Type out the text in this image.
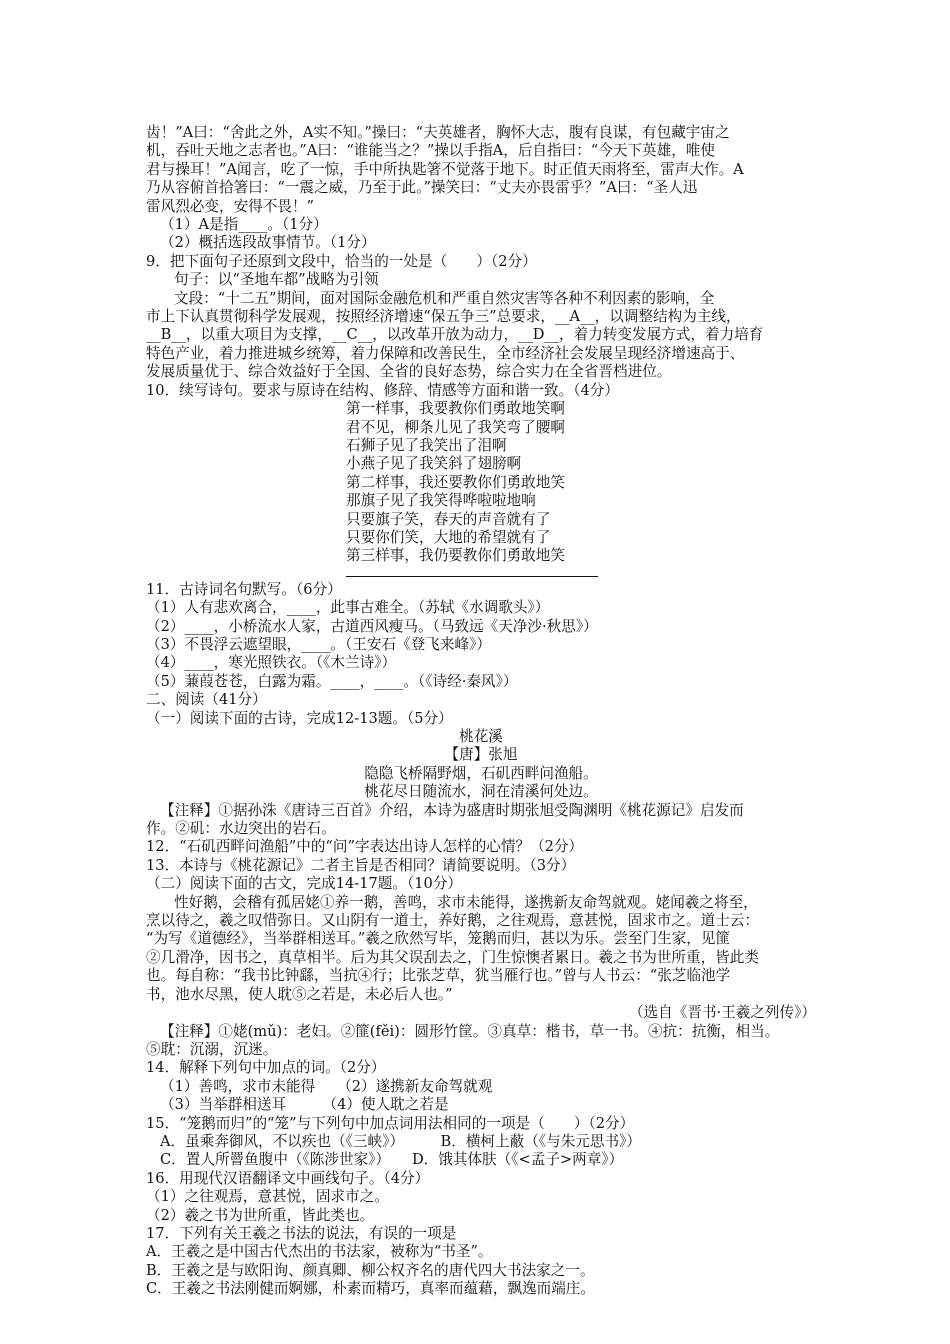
齿！”A曰：“舍此之外，A实不知。”操曰：“夫英雄者，胸怀大志，腹有良谋，有包藏宇宙之
机，吞吐天地之志者也。”A曰：“谁能当之？”操以手指A，后自指曰：“今天下英雄，唯使
君与操耳！”A闻言，吃了一惊，手中所执匙箸不觉落于地下。时正值天雨将至，雷声大作。A
乃从容俯首拾箸曰：“一震之威，乃至于此。”操笑曰：“丈夫亦畏雷乎？”A曰：“圣人迅
雷风烈必变，安得不畏！”
（1）A是指____。（1分）
（2）概括选段故事情节。（1分）
9．把下面句子还原到文段中，恰当的一处是（　　）（2分）
句子：以“圣地车都”战略为引领
文段：“十二五”期间，面对国际金融危机和严重自然灾害等各种不利因素的影响，全
市上下认真贯彻科学发展观，按照经济增速“保五争三”总要求，__A__，以调整结构为主线，
__B__，以重大项目为支撑，__C__，以改革开放为动力，__D__，着力转变发展方式，着力培育
特色产业，着力推进城乡统筹，着力保障和改善民生，全市经济社会发展呈现经济增速高于、
发展质量优于、综合效益好于全国、全省的良好态势，综合实力在全省晋档进位。
10．续写诗句。要求与原诗在结构、修辞、情感等方面和谐一致。（4分）
第一样事，我要教你们勇敢地笑啊
君不见，柳条儿见了我笑弯了腰啊
石狮子见了我笑出了泪啊
小燕子见了我笑斜了翅膀啊
第二样事，我还要教你们勇敢地笑
那旗子见了我笑得哗啦啦地响
只要旗子笑，春天的声音就有了
只要你们笑，大地的希望就有了
第三样事，我仍要教你们勇敢地笑
11．古诗词名句默写。（6分）
（1）人有悲欢离合，____，此事古难全。（苏轼《水调歌头》）
（2）____，小桥流水人家，古道西风瘦马。（马致远《天净沙·秋思》）
（3）不畏浮云遮望眼，____。（王安石《登飞来峰》）
（4）____，寒光照铁衣。（《木兰诗》）
（5）蒹葭苍苍，白露为霜。____，____。（《诗经·秦风》）
二、阅读（41分）
（一）阅读下面的古诗，完成12-13题。（5分）
桃花溪
【唐】张旭
隐隐飞桥隔野烟，石矶西畔问渔船。
桃花尽日随流水，洞在清溪何处边。
【注释】①据孙洙《唐诗三百首》介绍，本诗为盛唐时期张旭受陶渊明《桃花源记》启发而
作。②矶：水边突出的岩石。
12．“石矶西畔问渔船”中的“问”字表达出诗人怎样的心情？（2分）
13．本诗与《桃花源记》二者主旨是否相同？请简要说明。（3分）
（二）阅读下面的古文，完成14-17题。（10分）
性好鹅，会稽有孤居姥①养一鹅，善鸣，求市未能得，遂携新友命驾就观。姥闻羲之将至，
烹以待之，羲之叹惜弥日。又山阴有一道士，养好鹅，之往观焉，意甚悦，固求市之。道士云：
“为写《道德经》，当举群相送耳。”羲之欣然写毕，笼鹅而归，甚以为乐。尝至门生家，见篚
②几滑净，因书之，真草相半。后为其父误刮去之，门生惊懊者累日。羲之书为世所重，皆此类
也。每自称：“我书比钟繇，当抗④行；比张芝草，犹当雁行也。”曾与人书云：“张芝临池学
书，池水尽黑，使人耽⑤之若是，未必后人也。”
（选自《晋书·王羲之列传》）
【注释】①姥(mǔ)：老妇。②篚(fěi)：圆形竹筐。③真草：楷书，草一书。④抗：抗衡，相当。
⑤耽：沉溺，沉迷。
14．解释下列句中加点的词。（2分）
（1）善鸣，求市未能得　　（2）遂携新友命驾就观
（3）当举群相送耳　　　（4）使人耽之若是
15．“笼鹅而归”的“笼”与下列句中加点词用法相同的一项是（　　）（2分）
A．虽乘奔御风，不以疾也（《三峡》）　　　B．横柯上蔽（《与朱元思书》）
C．置人所罾鱼腹中（《陈涉世家》）　　D．饿其体肤（《<孟子>两章》）
16．用现代汉语翻译文中画线句子。（4分）
（1）之往观焉，意甚悦，固求市之。
（2）羲之书为世所重，皆此类也。
17．下列有关王羲之书法的说法，有误的一项是
A．王羲之是中国古代杰出的书法家，被称为“书圣”。
B．王羲之是与欧阳询、颜真卿、柳公权齐名的唐代四大书法家之一。
C．王羲之书法刚健而婀娜，朴素而精巧，真率而蕴藉，飘逸而端庄。
